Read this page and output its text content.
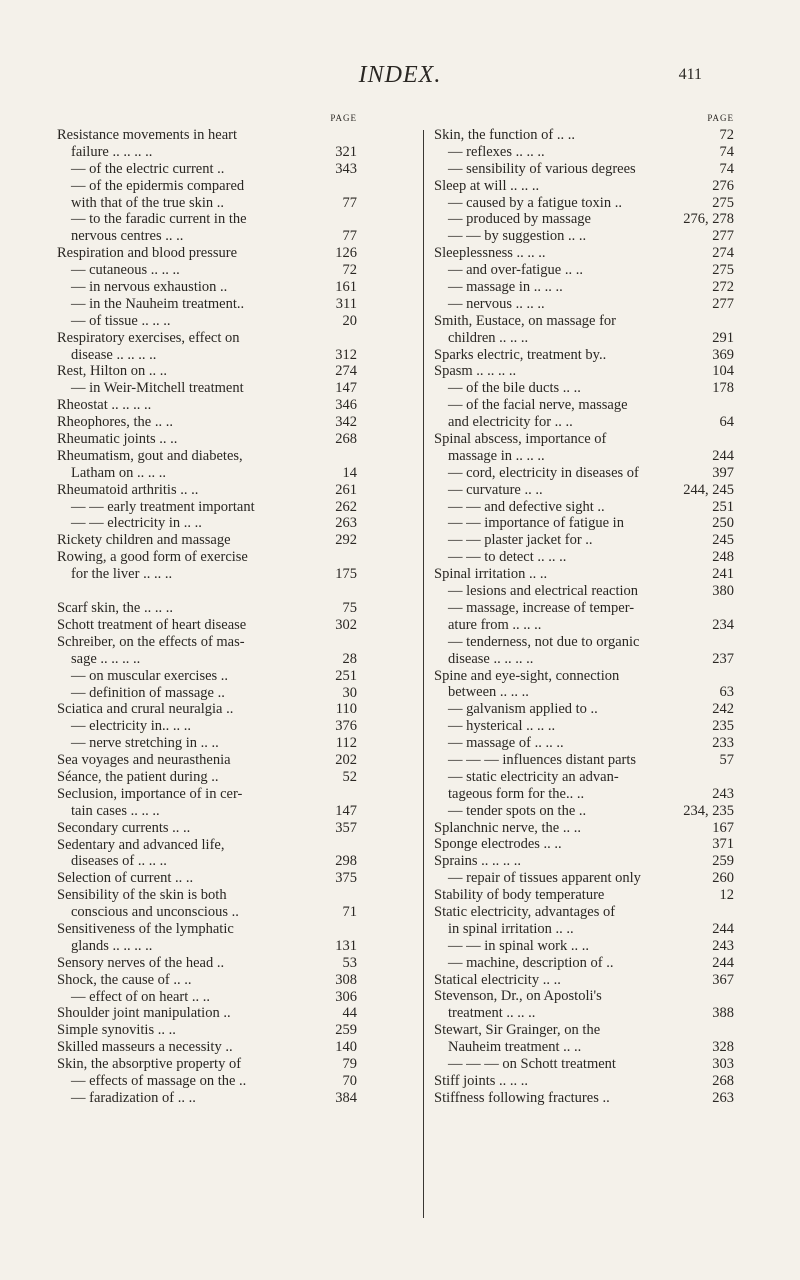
INDEX.	411
PAGE
Resistance movements in heart
failure .. .. .. ..	321
— of the electric current ..	343
— of the epidermis compared
with that of the true skin ..	77
— to the faradic current in the
nervous centres .. ..	77
Respiration and blood pressure	126
— cutaneous .. .. ..	72
— in nervous exhaustion ..	161
— in the Nauheim treatment..	311
— of tissue .. .. ..	20
Respiratory exercises, effect on
disease .. .. .. ..	312
Rest, Hilton on .. ..	274
— in Weir-Mitchell treatment	147
Rheostat .. .. .. ..	346
Rheophores, the .. ..	342
Rheumatic joints .. ..	268
Rheumatism, gout and diabetes,
Latham on .. .. ..	14
Rheumatoid arthritis .. ..	261
— — early treatment important	262
— — electricity in .. ..	263
Rickety children and massage	292
Rowing, a good form of exercise
for the liver .. .. ..	175
Scarf skin, the .. .. ..	75
Schott treatment of heart disease	302
Schreiber, on the effects of mas-
sage .. .. .. ..	28
— on muscular exercises ..	251
— definition of massage ..	30
Sciatica and crural neuralgia ..	110
— electricity in.. .. ..	376
— nerve stretching in .. ..	112
Sea voyages and neurasthenia	202
Séance, the patient during ..	52
Seclusion, importance of in cer-
tain cases .. .. ..	147
Secondary currents .. ..	357
Sedentary and advanced life,
diseases of .. .. ..	298
Selection of current .. ..	375
Sensibility of the skin is both
conscious and unconscious ..	71
Sensitiveness of the lymphatic
glands .. .. .. ..	131
Sensory nerves of the head ..	53
Shock, the cause of .. ..	308
— effect of on heart .. ..	306
Shoulder joint manipulation ..	44
Simple synovitis .. ..	259
Skilled masseurs a necessity ..	140
Skin, the absorptive property of	79
— effects of massage on the ..	70
— faradization of .. ..	384
PAGE
Skin, the function of .. ..	72
— reflexes .. .. ..	74
— sensibility of various degrees	74
Sleep at will .. .. ..	276
— caused by a fatigue toxin ..	275
— produced by massage	276, 278
— — by suggestion .. ..	277
Sleeplessness .. .. ..	274
— and over-fatigue .. ..	275
— massage in .. .. ..	272
— nervous .. .. ..	277
Smith, Eustace, on massage for
children .. .. ..	291
Sparks electric, treatment by..	369
Spasm .. .. .. ..	104
— of the bile ducts .. ..	178
— of the facial nerve, massage
and electricity for .. ..	64
Spinal abscess, importance of
massage in .. .. ..	244
— cord, electricity in diseases of	397
— curvature .. ..	244, 245
— — and defective sight ..	251
— — importance of fatigue in	250
— — plaster jacket for ..	245
— — to detect .. .. ..	248
Spinal irritation .. ..	241
— lesions and electrical reaction	380
— massage, increase of temper-
ature from .. .. ..	234
— tenderness, not due to organic
disease .. .. .. ..	237
Spine and eye-sight, connection
between .. .. ..	63
— galvanism applied to ..	242
— hysterical .. .. ..	235
— massage of .. .. ..	233
— — — influences distant parts	57
— static electricity an advan-
tageous form for the.. ..	243
— tender spots on the ..	234, 235
Splanchnic nerve, the .. ..	167
Sponge electrodes .. ..	371
Sprains .. .. .. ..	259
— repair of tissues apparent only	260
Stability of body temperature	12
Static electricity, advantages of
in spinal irritation .. ..	244
— — in spinal work .. ..	243
— machine, description of ..	244
Statical electricity .. ..	367
Stevenson, Dr., on Apostoli's
treatment .. .. ..	388
Stewart, Sir Grainger, on the
Nauheim treatment .. ..	328
— — — on Schott treatment	303
Stiff joints .. .. ..	268
Stiffness following fractures ..	263
